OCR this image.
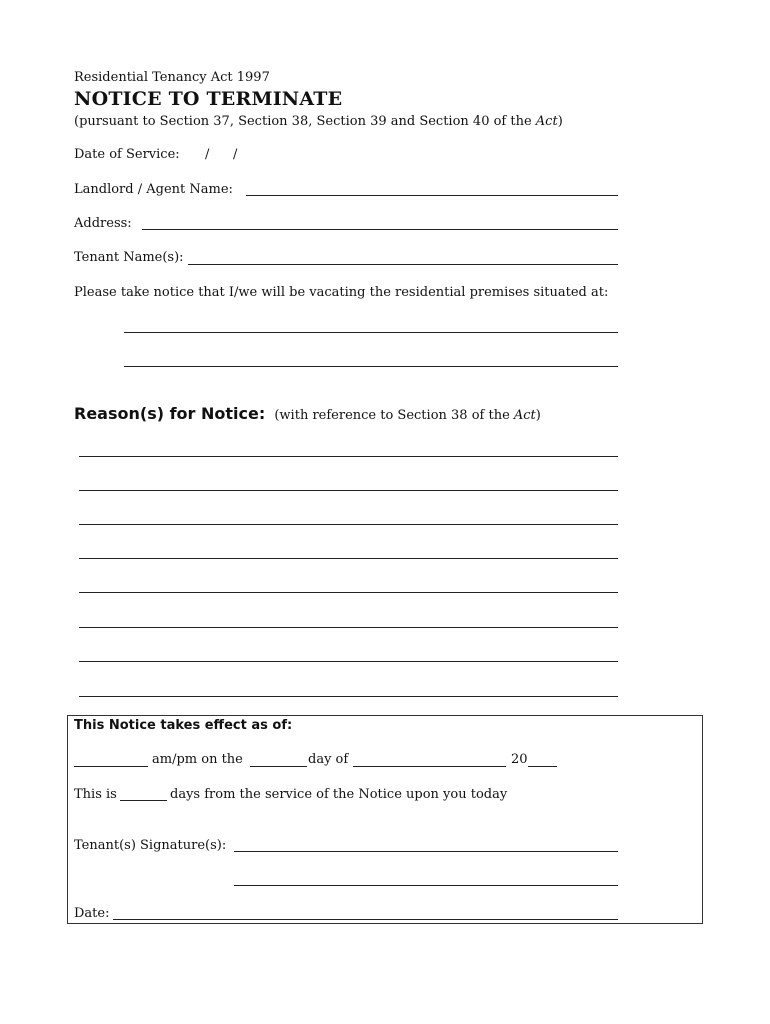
Residential Tenancy Act 1997
NOTICE TO TERMINATE
(pursuant to Section 37, Section 38, Section 39 and Section 40 of the Act)
Date of Service: / /
Landlord / Agent Name:
Address:
Tenant Name(s):
Please take notice that I/we will be vacating the residential premises situated at:
Reason(s) for Notice: (with reference to Section 38 of the Act)
This Notice takes effect as of:
am/pm on the	day of	20
This is	days from the service of the Notice upon you today
Tenant(s) Signature(s):
Date:
